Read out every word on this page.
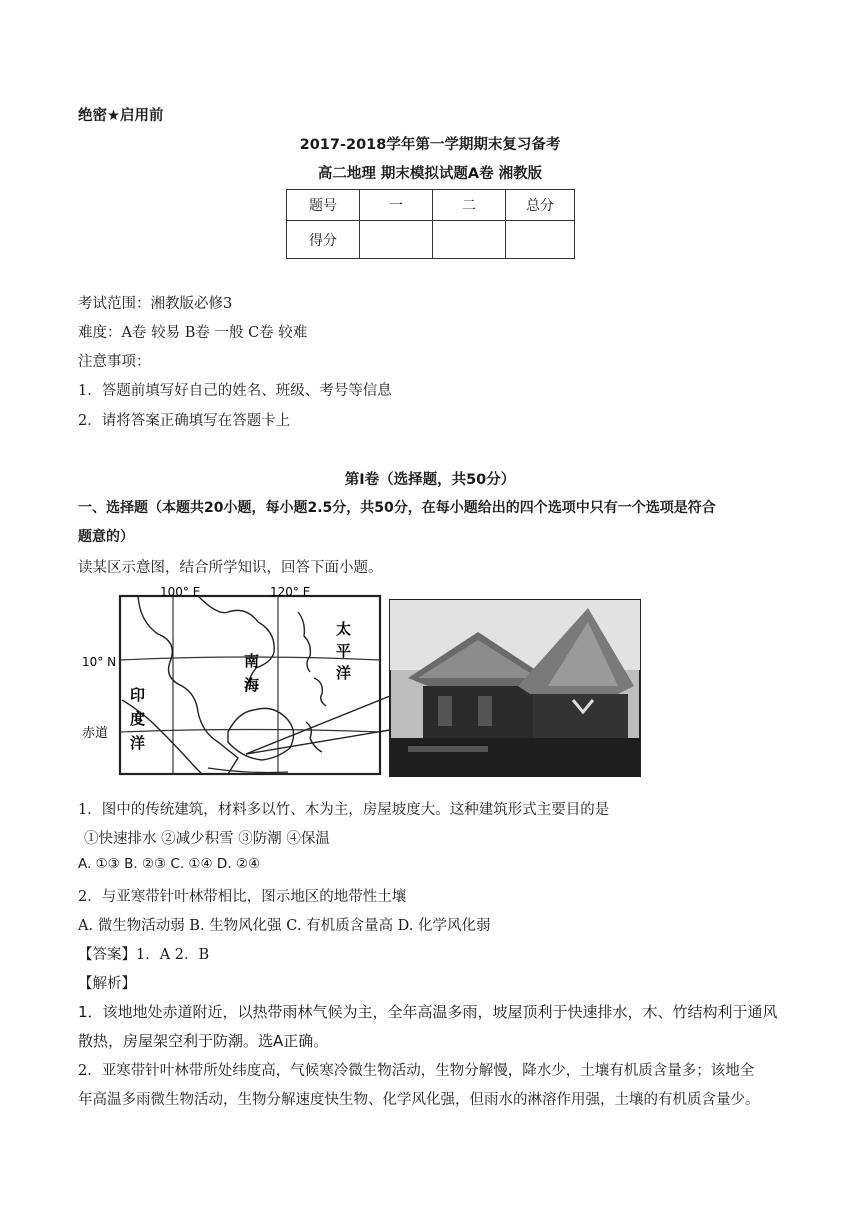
绝密★启用前
2017-2018学年第一学期期末复习备考
高二地理 期末模拟试题A卷 湘教版
题号	一	二	总分
得分			
考试范围：湘教版必修3
难度：A卷 较易 B卷 一般 C卷 较难
注意事项：
1．答题前填写好自己的姓名、班级、考号等信息
2．请将答案正确填写在答题卡上
第I卷（选择题，共50分）
一、选择题（本题共20小题，每小题2.5分，共50分，在每小题给出的四个选项中只有一个选项是符合
题意的）
读某区示意图，结合所学知识，回答下面小题。
100° E	120° E
10° N
赤道
南
海
太
平
洋
印
度
洋
1．图中的传统建筑，材料多以竹、木为主，房屋坡度大。这种建筑形式主要目的是
①快速排水 ②减少积雪 ③防潮 ④保温
A. ①③ B. ②③ C. ①④ D. ②④
2．与亚寒带针叶林带相比，图示地区的地带性土壤
A. 微生物活动弱 B. 生物风化强 C. 有机质含量高 D. 化学风化弱
【答案】1．A 2．B
【解析】
1．该地地处赤道附近，以热带雨林气候为主，全年高温多雨，坡屋顶利于快速排水，木、竹结构利于通风
散热，房屋架空利于防潮。选A正确。
2．亚寒带针叶林带所处纬度高，气候寒冷微生物活动，生物分解慢，降水少，土壤有机质含量多；该地全
年高温多雨微生物活动，生物分解速度快生物、化学风化强，但雨水的淋溶作用强，土壤的有机质含量少。
